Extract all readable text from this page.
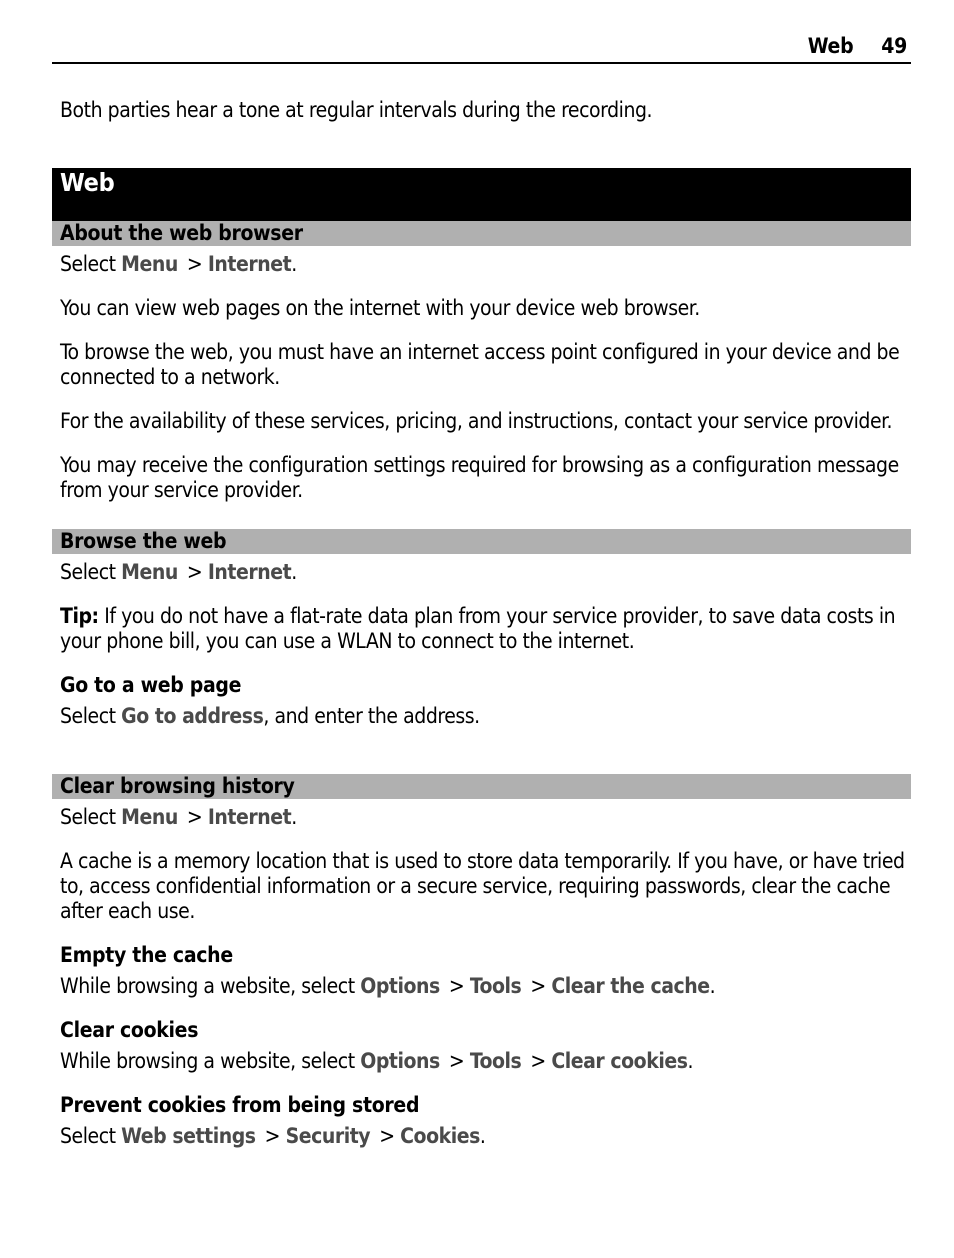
Web 49

Both parties hear a tone at regular intervals during the recording.

Web
About the web browser

Select Menu > Internet.

You can view web pages on the internet with your device web browser.

To browse the web, you must have an internet access point configured in your device and be connected to a network.

For the availability of these services, pricing, and instructions, contact your service provider.

You may receive the configuration settings required for browsing as a configuration message from your service provider.

Browse the web

Select Menu > Internet.

Tip: If you do not have a flat-rate data plan from your service provider, to save data costs in your phone bill, you can use a WLAN to connect to the internet.

Go to a web page

Select Go to address, and enter the address.

Clear browsing history

Select Menu > Internet.

A cache is a memory location that is used to store data temporarily. If you have, or have tried to, access confidential information or a secure service, requiring passwords, clear the cache after each use.

Empty the cache

While browsing a website, select Options > Tools > Clear the cache.

Clear cookies

While browsing a website, select Options > Tools > Clear cookies.

Prevent cookies from being stored

Select Web settings > Security > Cookies.
